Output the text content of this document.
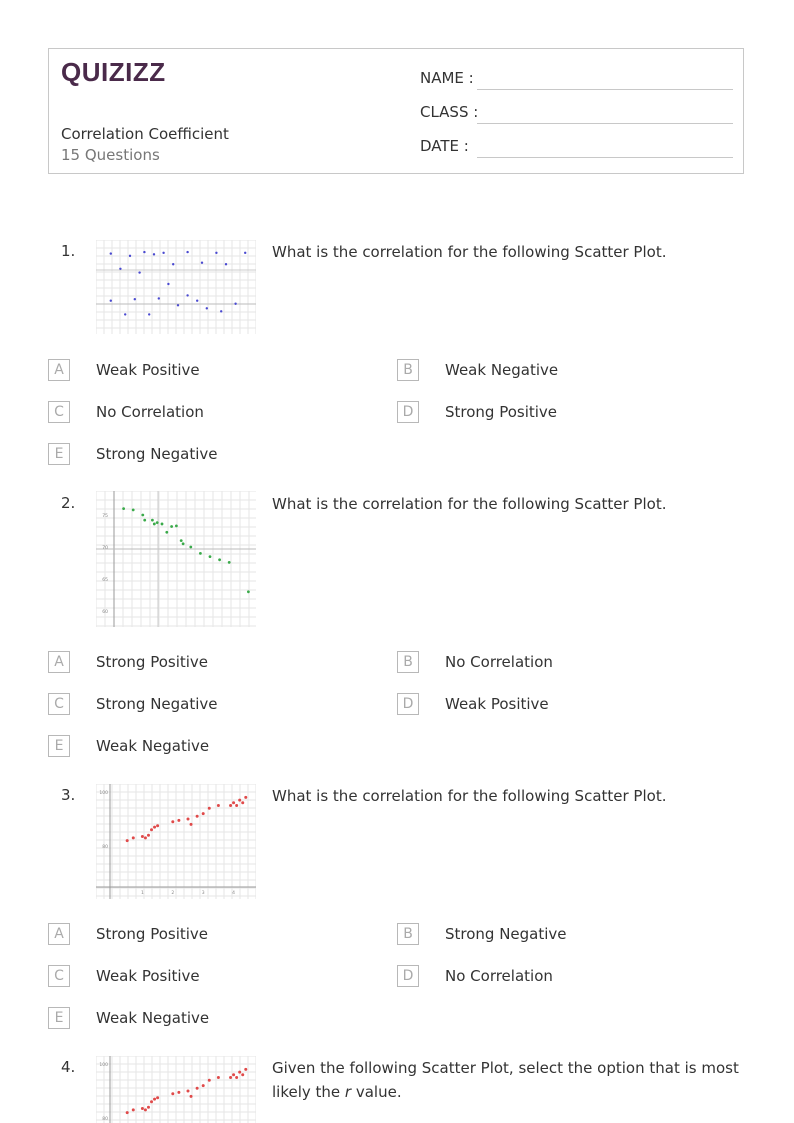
QUIZIZZ
Correlation Coefficient
15 Questions
NAME :
CLASS :
DATE :
1.	What is the correlation for the following Scatter Plot.
A	Weak Positive	B	Weak Negative
C	No Correlation	D	Strong Positive
E	Strong Negative
2.
75
70
65
60
What is the correlation for the following Scatter Plot.
A	Strong Positive	B	No Correlation
C	Strong Negative	D	Weak Positive
E	Weak Negative
3.	100
80
1	2	3	4
What is the correlation for the following Scatter Plot.
A	Strong Positive	B	Strong Negative
C	Weak Positive	D	No Correlation
E	Weak Negative
4.	100
80
Given the following Scatter Plot, select the option that is most likely the r value.
